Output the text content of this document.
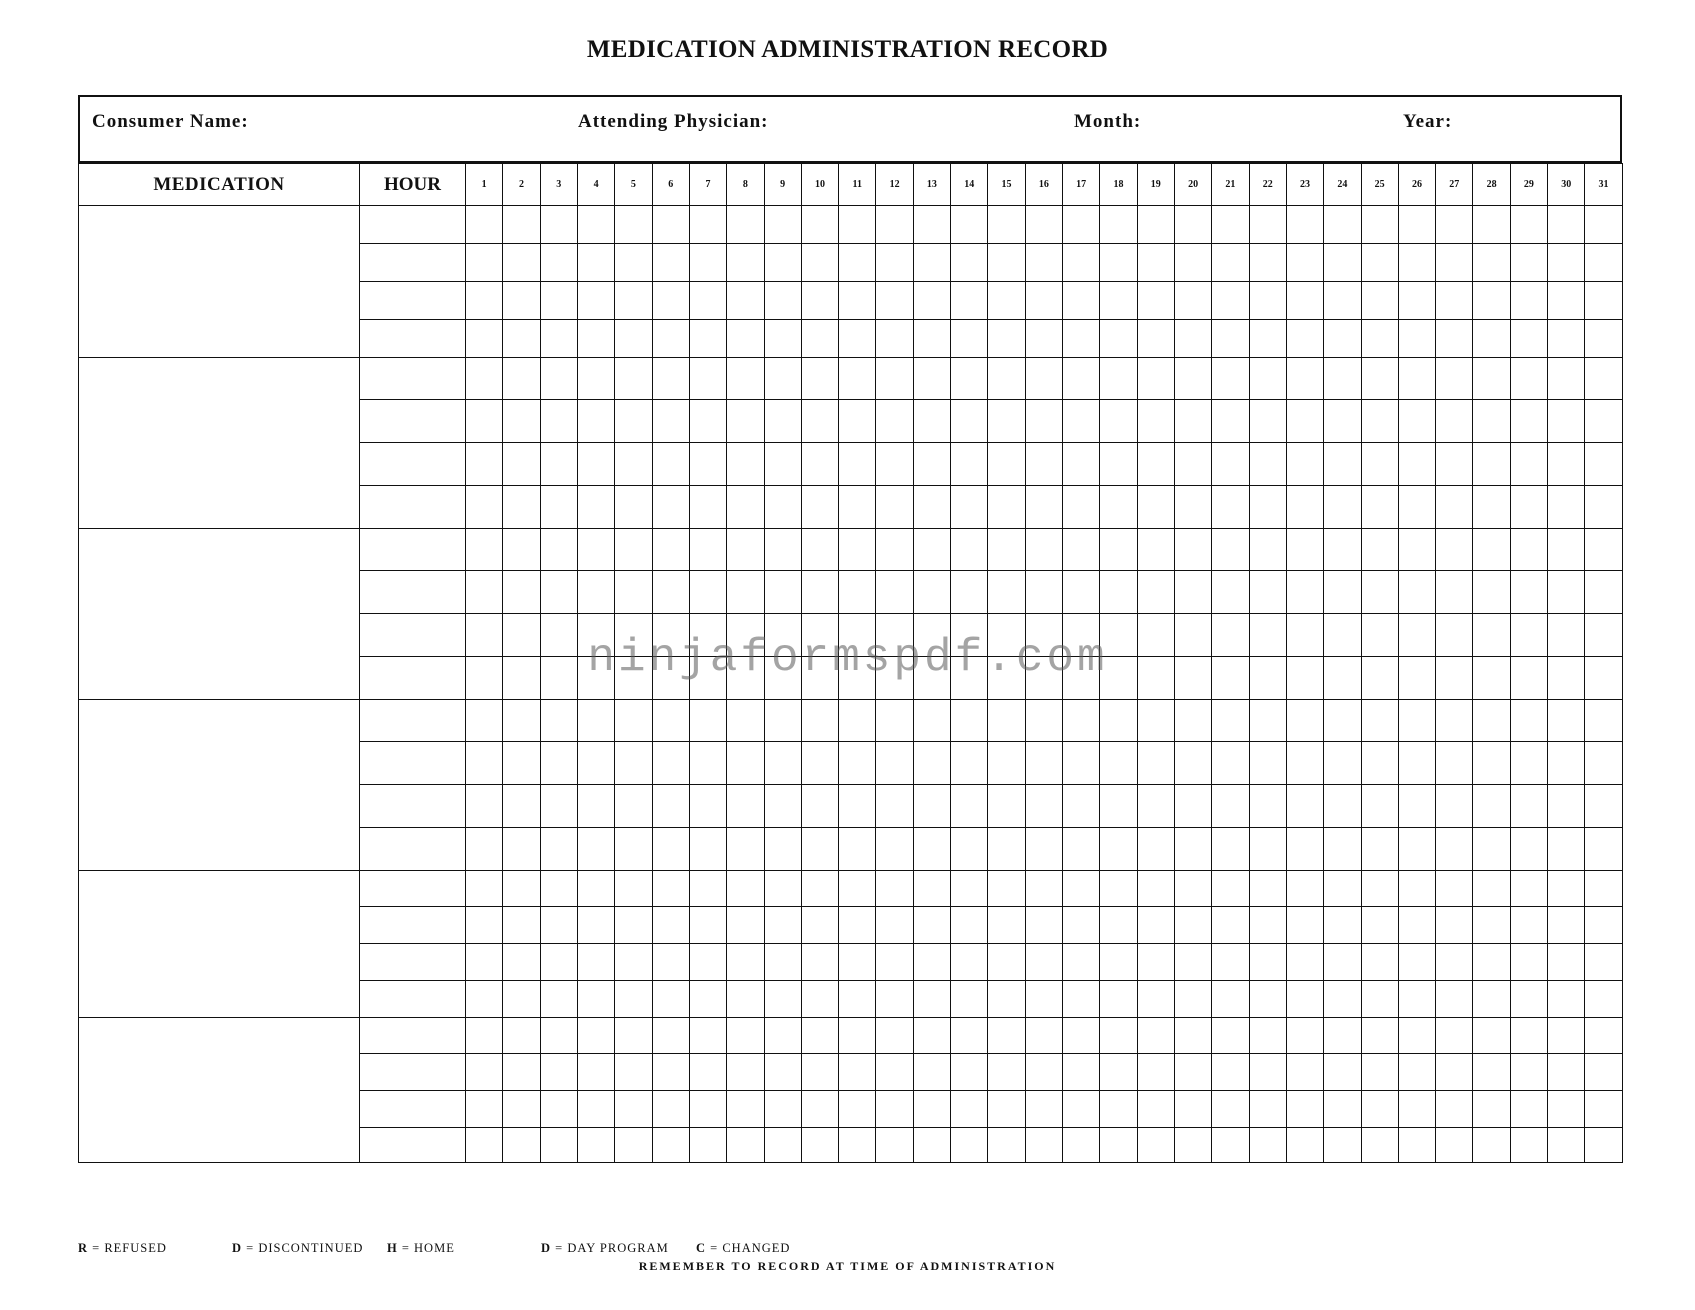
MEDICATION ADMINISTRATION RECORD
Consumer Name:	Attending Physician:	Month:	Year:
MEDICATION	HOUR	1	2	3	4	5	6	7	8	9	10	11	12	13	14	15	16	17	18	19	20	21	22	23	24	25	26	27	28	29	30	31

R = REFUSED	D = DISCONTINUED H = HOME	D = DAY PROGRAM C = CHANGED
REMEMBER TO RECORD AT TIME OF ADMINISTRATION
ninjaformspdf.com
